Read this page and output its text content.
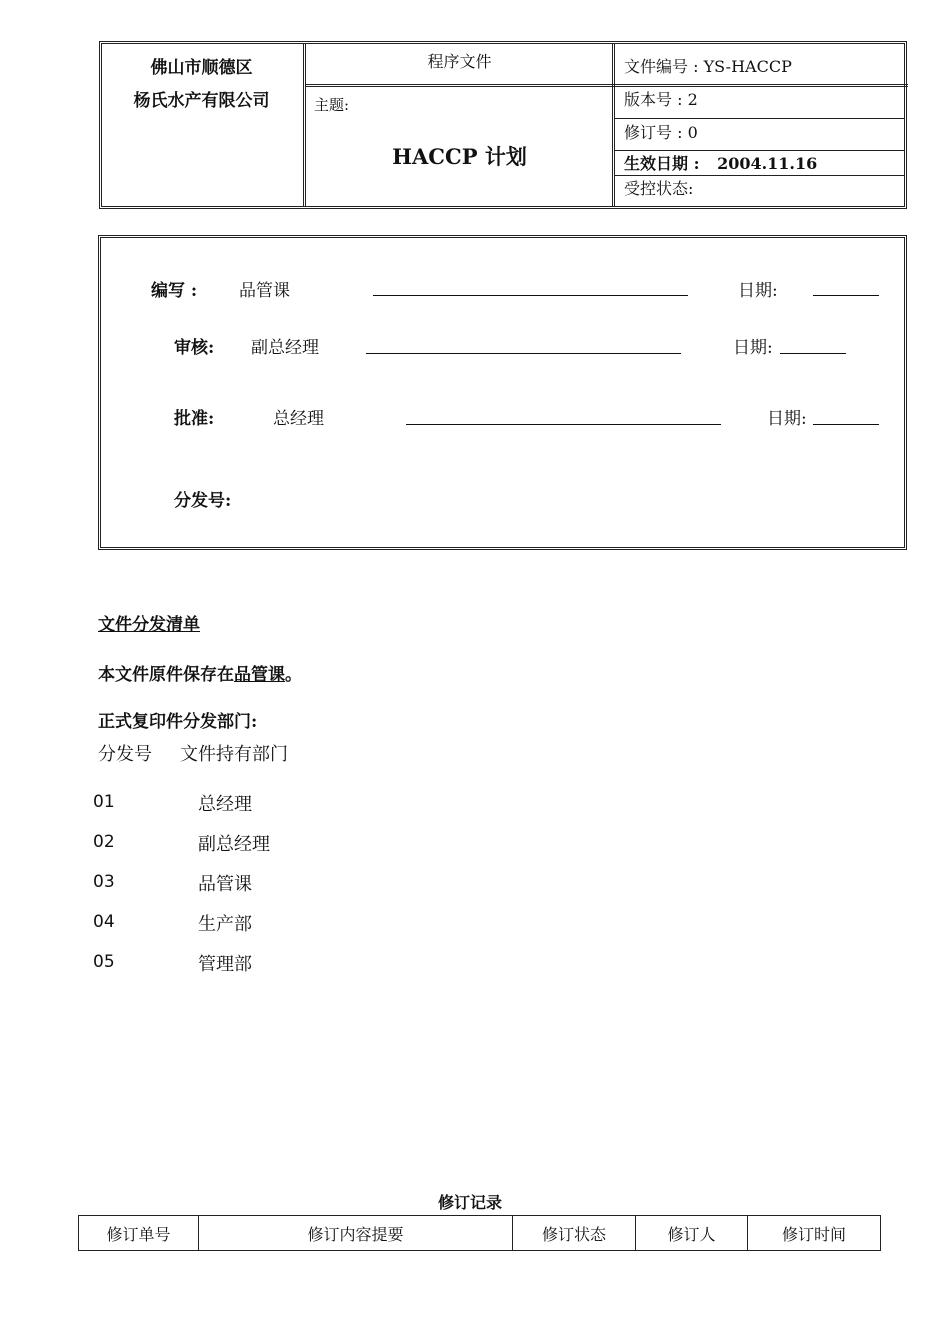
佛山市顺德区
杨氏水产有限公司
程序文件
主题:
HACCP 计划
文件编号 : YS-HACCP
版本号 : 2
修订号 : 0
生效日期 : 2004.11.16
受控状态:
编写 : 品管课	日期:
审核: 副总经理	日期:
批准:	总经理	日期:
分发号:
文件分发清单
本文件原件保存在品管课。
正式复印件分发部门:
分发号 文件持有部门
01	总经理
02	副总经理
03	品管课
04	生产部
05	管理部
修订记录
修订单号	修订内容提要	修订状态	修订人	修订时间
